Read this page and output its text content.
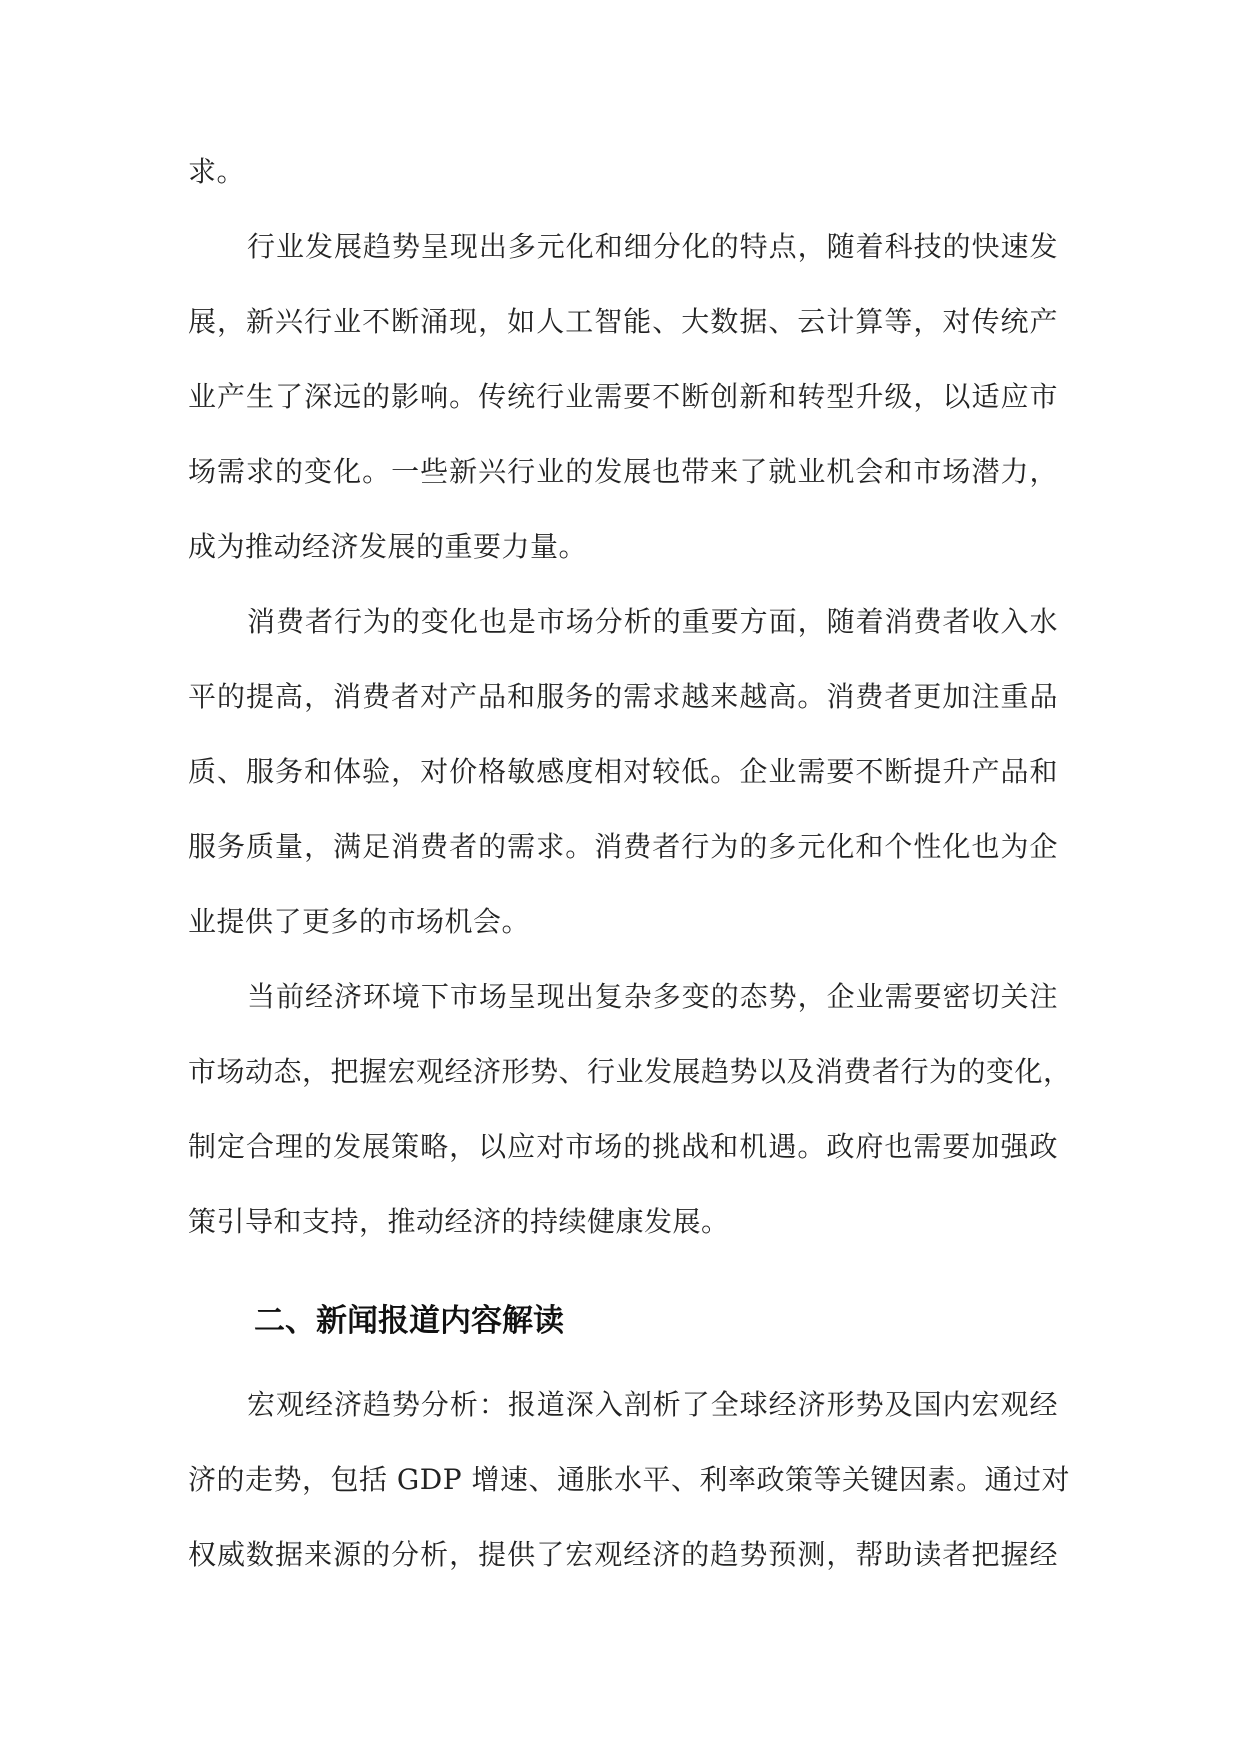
求。
行业发展趋势呈现出多元化和细分化的特点，随着科技的快速发
展，新兴行业不断涌现，如人工智能、大数据、云计算等，对传统产
业产生了深远的影响。传统行业需要不断创新和转型升级，以适应市
场需求的变化。一些新兴行业的发展也带来了就业机会和市场潜力，
成为推动经济发展的重要力量。
消费者行为的变化也是市场分析的重要方面，随着消费者收入水
平的提高，消费者对产品和服务的需求越来越高。消费者更加注重品
质、服务和体验，对价格敏感度相对较低。企业需要不断提升产品和
服务质量，满足消费者的需求。消费者行为的多元化和个性化也为企
业提供了更多的市场机会。
当前经济环境下市场呈现出复杂多变的态势，企业需要密切关注
市场动态，把握宏观经济形势、行业发展趋势以及消费者行为的变化，
制定合理的发展策略，以应对市场的挑战和机遇。政府也需要加强政
策引导和支持，推动经济的持续健康发展。
二、新闻报道内容解读
宏观经济趋势分析：报道深入剖析了全球经济形势及国内宏观经
济的走势，包括 GDP 增速、通胀水平、利率政策等关键因素。通过对
权威数据来源的分析，提供了宏观经济的趋势预测，帮助读者把握经
